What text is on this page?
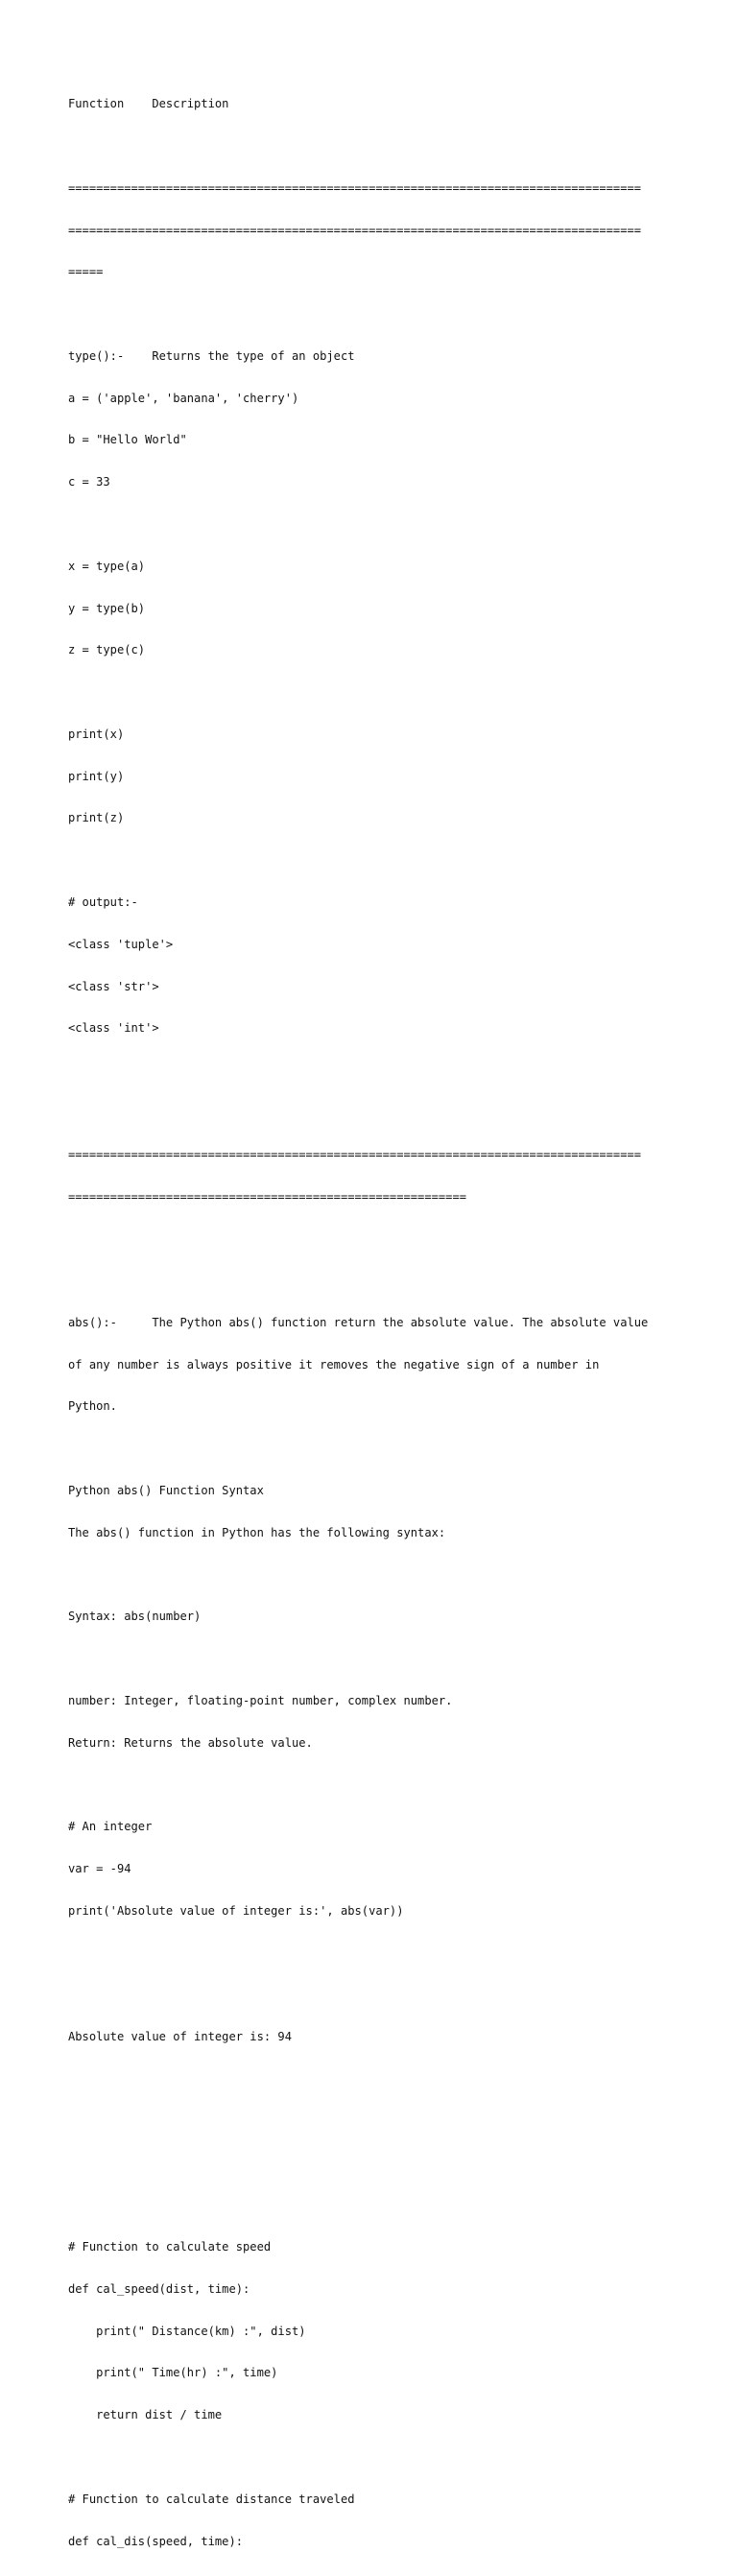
Function    Description

==================================================================================

==================================================================================

=====

type():-    Returns the type of an object

a = ('apple', 'banana', 'cherry')

b = "Hello World"

c = 33

x = type(a)

y = type(b)

z = type(c)

print(x)

print(y)

print(z)

# output:-

<class 'tuple'>

<class 'str'>

<class 'int'>

==================================================================================

=========================================================

abs():-     The Python abs() function return the absolute value. The absolute value

of any number is always positive it removes the negative sign of a number in

Python.

Python abs() Function Syntax

The abs() function in Python has the following syntax:

Syntax: abs(number)

number: Integer, floating-point number, complex number.

Return: Returns the absolute value.

# An integer

var = -94

print('Absolute value of integer is:', abs(var))

Absolute value of integer is: 94

# Function to calculate speed

def cal_speed(dist, time):

print(" Distance(km) :", dist)

print(" Time(hr) :", time)

return dist / time

# Function to calculate distance traveled

def cal_dis(speed, time):
